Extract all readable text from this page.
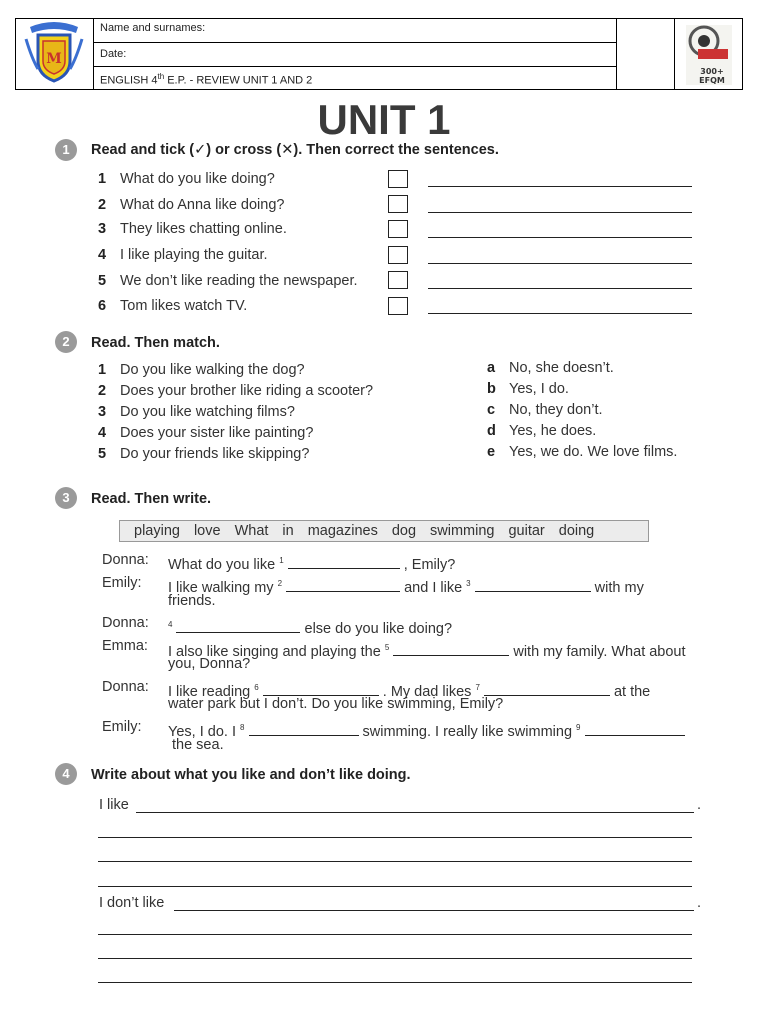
M
Name and surnames:
Date:
ENGLISH 4th E.P. - REVIEW UNIT 1 AND 2
300+
EFQM
UNIT 1
1	Read and tick (✓) or cross (✕). Then correct the sentences.
1 What do you like doing?
2 What do Anna like doing?
3 They likes chatting online.
4 I like playing the guitar.
5 We don’t like reading the newspaper.
6 Tom likes watch TV.
2	Read. Then match.
1 Do you like walking the dog?
2 Does your brother like riding a scooter?
3 Do you like watching films?
4 Does your sister like painting?
5 Do your friends like skipping?
a No, she doesn’t.
b Yes, I do.
c No, they don’t.
d Yes, he does.
e Yes, we do. We love films.
3	Read. Then write.
playing love What in magazines dog swimming guitar doing
Donna: What do you like $^1$	, Emily?
Emily: I like walking my $^2$	and I like $^3$	with my
friends.
Donna: $^4$	else do you like doing?
Emma: I also like singing and playing the $^5$	with my family. What about
you, Donna?
Donna: I like reading $^6$	. My dad likes $^7$	at the
water park but I don’t. Do you like swimming, Emily?
Emily: Yes, I do. I $^8$	swimming. I really like swimming $^9$
the sea.
4	Write about what you like and don’t like doing.
I like	.
I don’t like	.
